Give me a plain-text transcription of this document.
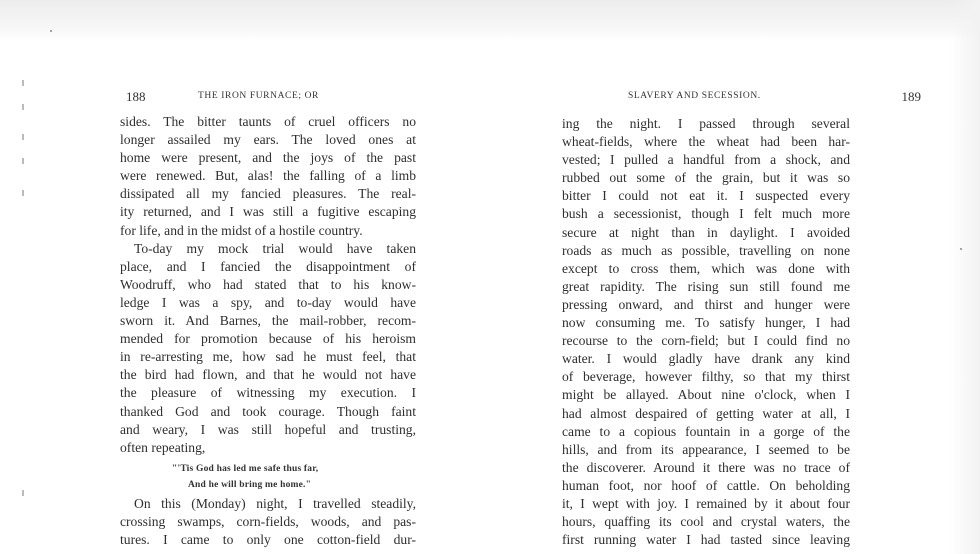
188	THE IRON FURNACE; OR
sides. The bitter taunts of cruel officers no
longer assailed my ears. The loved ones at
home were present, and the joys of the past
were renewed. But, alas! the falling of a limb
dissipated all my fancied pleasures. The real-
ity returned, and I was still a fugitive escaping
for life, and in the midst of a hostile country.
To-day my mock trial would have taken
place, and I fancied the disappointment of
Woodruff, who had stated that to his know-
ledge I was a spy, and to-day would have
sworn it. And Barnes, the mail-robber, recom-
mended for promotion because of his heroism
in re-arresting me, how sad he must feel, that
the bird had flown, and that he would not have
the pleasure of witnessing my execution. I
thanked God and took courage. Though faint
and weary, I was still hopeful and trusting,
often repeating,
"'Tis God has led me safe thus far,
And he will bring me home."
On this (Monday) night, I travelled steadily,
crossing swamps, corn-fields, woods, and pas-
tures. I came to only one cotton-field dur-
SLAVERY AND SECESSION.	189
ing the night. I passed through several
wheat-fields, where the wheat had been har-
vested; I pulled a handful from a shock, and
rubbed out some of the grain, but it was so
bitter I could not eat it. I suspected every
bush a secessionist, though I felt much more
secure at night than in daylight. I avoided
roads as much as possible, travelling on none
except to cross them, which was done with
great rapidity. The rising sun still found me
pressing onward, and thirst and hunger were
now consuming me. To satisfy hunger, I had
recourse to the corn-field; but I could find no
water. I would gladly have drank any kind
of beverage, however filthy, so that my thirst
might be allayed. About nine o'clock, when I
had almost despaired of getting water at all, I
came to a copious fountain in a gorge of the
hills, and from its appearance, I seemed to be
the discoverer. Around it there was no trace of
human foot, nor hoof of cattle. On beholding
it, I wept with joy. I remained by it about four
hours, quaffing its cool and crystal waters, the
first running water I had tasted since leaving
